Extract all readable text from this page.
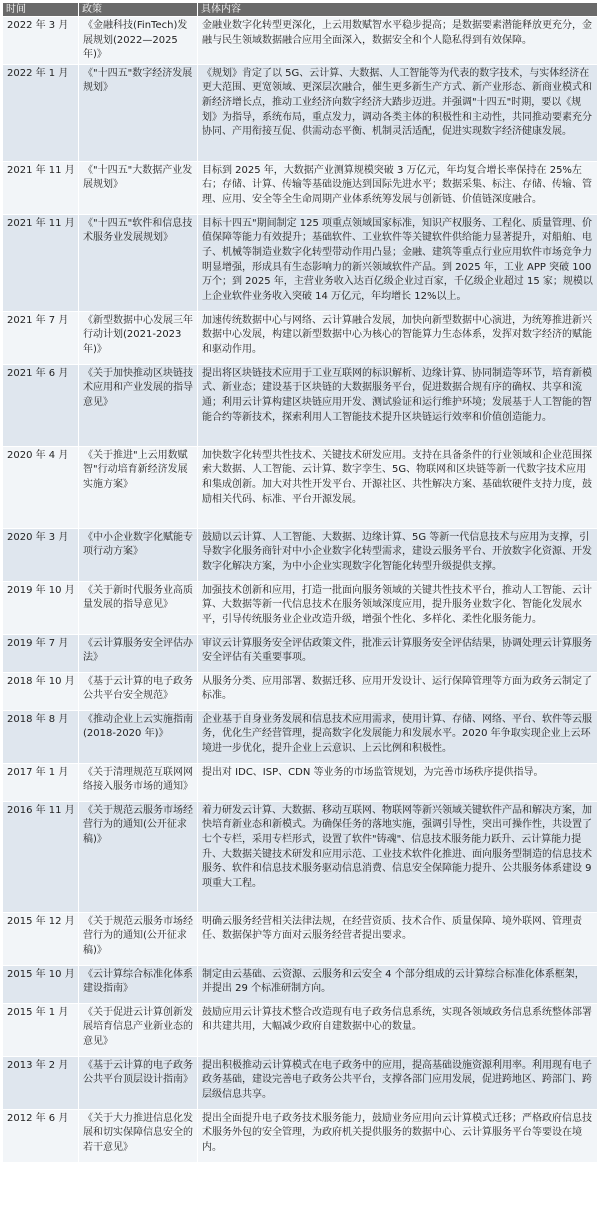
时间	政策	具体内容
2022 年 3 月	《金融科技(FinTech)发展规划(2022—2025 年)》	金融业数字化转型更深化，上云用数赋智水平稳步提高；是数据要素潜能释放更充分，金融与民生领域数据融合应用全面深入，数据安全和个人隐私得到有效保障。
2022 年 1 月	《"十四五"数字经济发展规划》	《规划》肯定了以 5G、云计算、大数据、人工智能等为代表的数字技术，与实体经济在更大范围、更宽领域、更深层次融合，催生更多新生产方式、新产业形态、新商业模式和新经济增长点，推动工业经济向数字经济大踏步迈进。并强调"十四五"时期，要以《规划》为指导，系统布局，重点发力，调动各类主体的积极性和主动性，共同推动要素充分协同、产用衔接互促、供需动态平衡、机制灵活适配，促进实现数字经济健康发展。
2021 年 11 月	《"十四五"大数据产业发展规划》	目标到 2025 年，大数据产业测算规模突破 3 万亿元，年均复合增长率保持在 25%左右；存储、计算、传输等基础设施达到国际先进水平；数据采集、标注、存储、传输、管理、应用、安全等全生命周期产业体系统筹发展与创新链、价值链深度融合。
2021 年 11 月	《"十四五"软件和信息技术服务业发展规划》	目标十四五"期间制定 125 项重点领域国家标准，知识产权服务、工程化、质量管理、价值保障等能力有效提升；基础软件、工业软件等关键软件供给能力显著提升，对船舶、电子、机械等制造业数字化转型带动作用凸显；金融、建筑等重点行业应用软件市场竞争力明显增强，形成具有生态影响力的新兴领域软件产品。到 2025 年，工业 APP 突破 100 万个；到 2025 年，主营业务收入达百亿级企业过百家，千亿级企业超过 15 家；规模以上企业软件业务收入突破 14 万亿元，年均增长 12%以上。
2021 年 7 月	《新型数据中心发展三年行动计划(2021-2023 年)》	加速传统数据中心与网络、云计算融合发展，加快向新型数据中心演进，为统筹推进新兴数据中心发展，构建以新型数据中心为核心的智能算力生态体系，发挥对数字经济的赋能和驱动作用。
2021 年 6 月	《关于加快推动区块链技术应用和产业发展的指导意见》	提出将区块链技术应用于工业互联网的标识解析、边缘计算、协同制造等环节，培育新模式、新业态；建设基于区块链的大数据服务平台，促进数据合规有序的确权、共享和流通；利用云计算构建区块链应用开发、测试验证和运行维护环境；发展基于人工智能的智能合约等新技术，探索利用人工智能技术提升区块链运行效率和价值创造能力。
2020 年 4 月	《关于推进"上云用数赋智"行动培育新经济发展实施方案》	加快数字化转型共性技术、关键技术研发应用。支持在具备条件的行业领域和企业范围探索大数据、人工智能、云计算、数字孪生、5G、物联网和区块链等新一代数字技术应用和集成创新。加大对共性开发平台、开源社区、共性解决方案、基础软硬件支持力度，鼓励相关代码、标准、平台开源发展。
2020 年 3 月	《中小企业数字化赋能专项行动方案》	鼓励以云计算、人工智能、大数据、边缘计算、5G 等新一代信息技术与应用为支撑，引导数字化服务商针对中小企业数字化转型需求，建设云服务平台、开放数字化资源、开发数字化解决方案，为中小企业实现数字化智能化转型升级提供支撑。
2019 年 10 月	《关于新时代服务业高质量发展的指导意见》	加强技术创新和应用，打造一批面向服务领域的关键共性技术平台，推动人工智能、云计算、大数据等新一代信息技术在服务领域深度应用，提升服务业数字化、智能化发展水平，引导传统服务业企业改造升级，增强个性化、多样化、柔性化服务能力。
2019 年 7 月	《云计算服务安全评估办法》	审议云计算服务安全评估政策文件，批准云计算服务安全评估结果，协调处理云计算服务安全评估有关重要事项。
2018 年 10 月	《基于云计算的电子政务公共平台安全规范》	从服务分类、应用部署、数据迁移、应用开发设计、运行保障管理等方面为政务云制定了标准。
2018 年 8 月	《推动企业上云实施指南(2018-2020 年)》	企业基于自身业务发展和信息技术应用需求，使用计算、存储、网络、平台、软件等云服务，优化生产经营管理，提高数字化发展能力和发展水平。2020 年争取实现企业上云环境进一步优化，提升企业上云意识、上云比例和积极性。
2017 年 1 月	《关于清理规范互联网网络接入服务市场的通知》	提出对 IDC、ISP、CDN 等业务的市场监管规划，为完善市场秩序提供指导。
2016 年 11 月	《关于规范云服务市场经营行为的通知(公开征求稿)》	着力研发云计算、大数据、移动互联网、物联网等新兴领域关键软件产品和解决方案，加快培育新业态和新模式。为确保任务的落地实施，强调引导性，突出可操作性，共设置了七个专栏，采用专栏形式，设置了软件"铸魂"、信息技术服务能力跃升、云计算能力提升、大数据关键技术研发和应用示范、工业技术软件化推进、面向服务型制造的信息技术服务、软件和信息技术服务驱动信息消费、信息安全保障能力提升、公共服务体系建设 9 项重大工程。
2015 年 12 月	《关于规范云服务市场经营行为的通知(公开征求稿)》	明确云服务经营相关法律法规，在经营资质、技术合作、质量保障、境外联网、管理责任、数据保护等方面对云服务经营者提出要求。
2015 年 10 月	《云计算综合标准化体系建设指南》	制定由云基础、云资源、云服务和云安全 4 个部分组成的云计算综合标准化体系框架，并提出 29 个标准研制方向。
2015 年 1 月	《关于促进云计算创新发展培育信息产业新业态的意见》	鼓励应用云计算技术整合改造现有电子政务信息系统，实现各领域政务信息系统整体部署和共建共用，大幅减少政府自建数据中心的数量。
2013 年 2 月	《基于云计算的电子政务公共平台顶层设计指南》	提出积极推动云计算模式在电子政务中的应用，提高基础设施资源利用率。利用现有电子政务基础，建设完善电子政务公共平台，支撑各部门应用发展，促进跨地区、跨部门、跨层级信息共享。
2012 年 6 月	《关于大力推进信息化发展和切实保障信息安全的若干意见》	提出全面提升电子政务技术服务能力，鼓励业务应用向云计算模式迁移；严格政府信息技术服务外包的安全管理，为政府机关提供服务的数据中心、云计算服务平台等要设在境内。
